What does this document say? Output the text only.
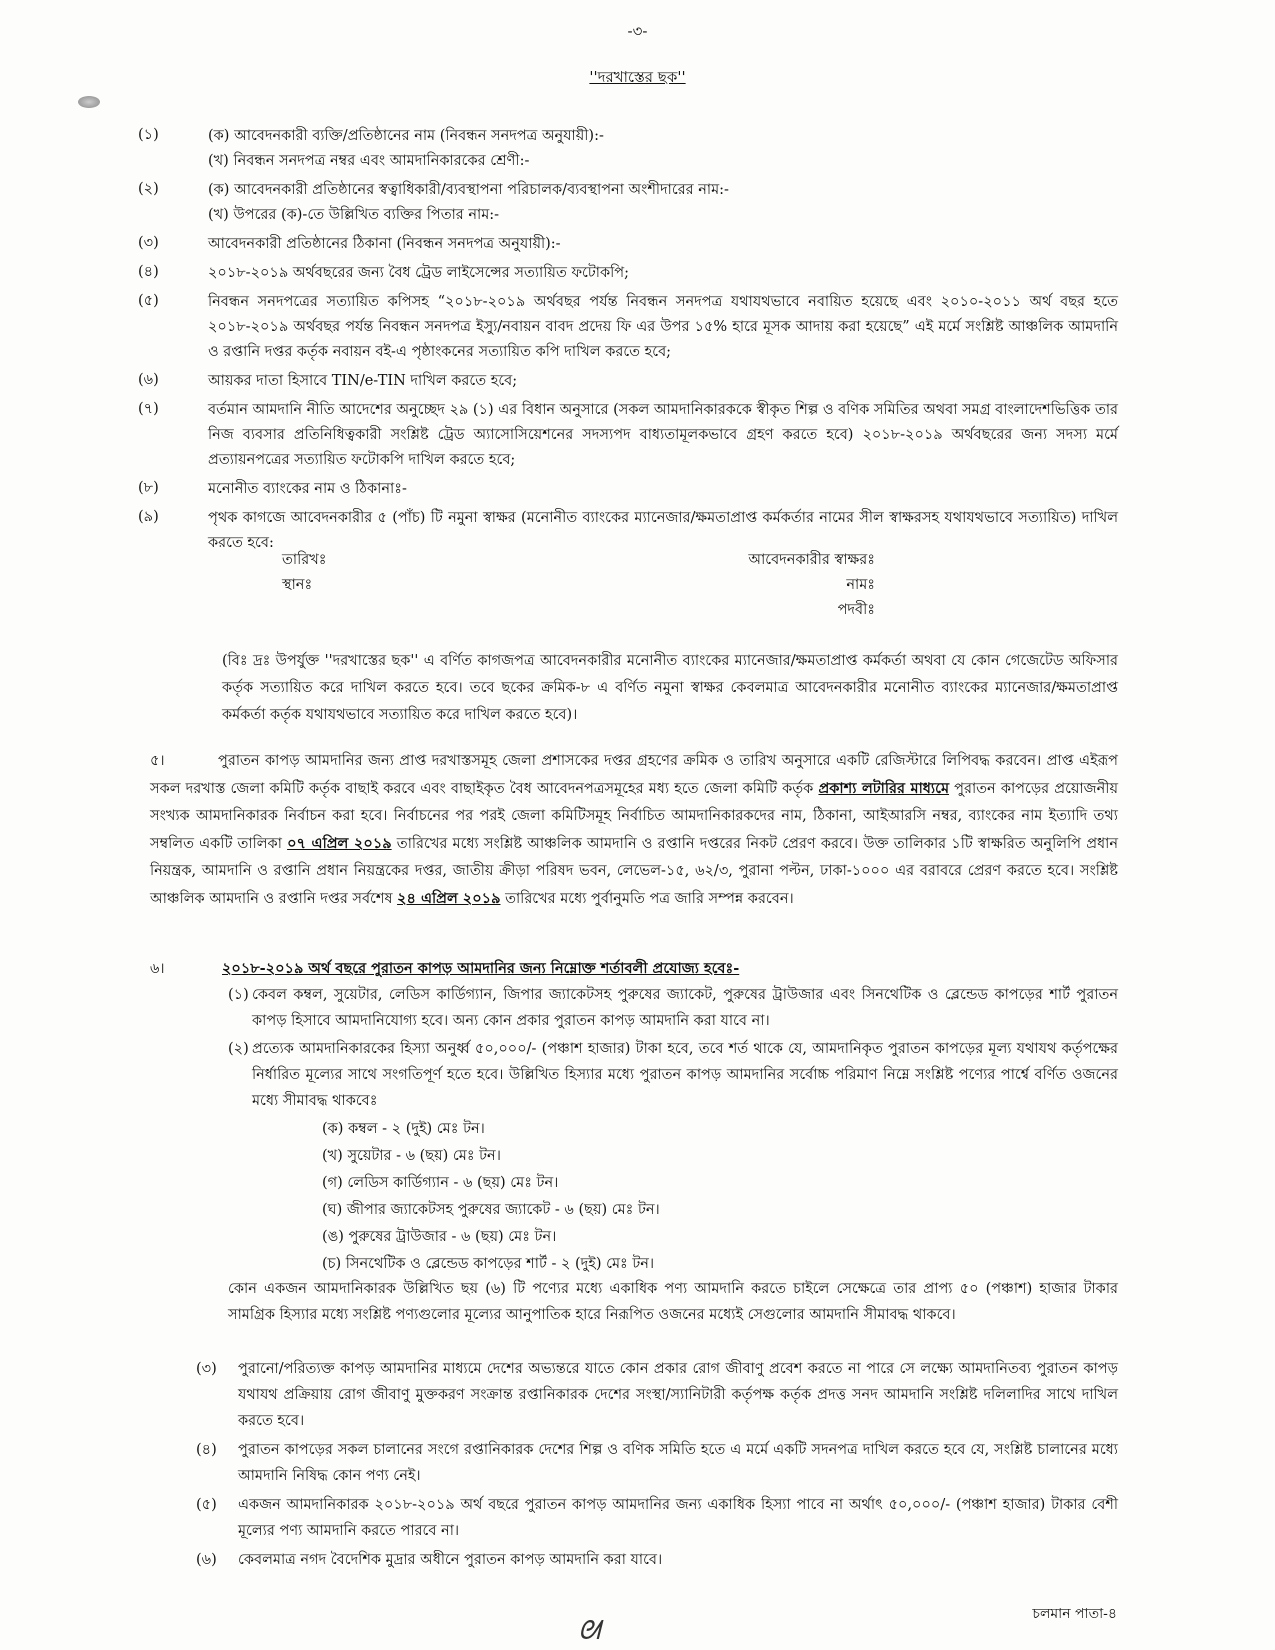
-৩-
''দরখাস্তের ছক''
(১)	(ক) আবেদনকারী ব্যক্তি/প্রতিষ্ঠানের নাম (নিবন্ধন সনদপত্র অনুযায়ী):-

(খ) নিবন্ধন সনদপত্র নম্বর এবং আমদানিকারকের শ্রেণী:-

(২)	(ক) আবেদনকারী প্রতিষ্ঠানের স্বত্বাধিকারী/ব্যবস্থাপনা পরিচালক/ব্যবস্থাপনা অংশীদারের নাম:-

(খ) উপরের (ক)-তে উল্লিখিত ব্যক্তির পিতার নাম:-

(৩)	আবেদনকারী প্রতিষ্ঠানের ঠিকানা (নিবন্ধন সনদপত্র অনুযায়ী):-

(৪)	২০১৮-২০১৯ অর্থবছরের জন্য বৈধ ট্রেড লাইসেন্সের সত্যায়িত ফটোকপি;

(৫)	নিবন্ধন সনদপত্রের সত্যায়িত কপিসহ “২০১৮-২০১৯ অর্থবছর পর্যন্ত নিবন্ধন সনদপত্র যথাযথভাবে নবায়িত হয়েছে এবং ২০১০-২০১১ অর্থ বছর হতে ২০১৮-২০১৯ অর্থবছর পর্যন্ত নিবন্ধন সনদপত্র ইস্যু/নবায়ন বাবদ প্রদেয় ফি এর উপর ১৫% হারে মূসক আদায় করা হয়েছে” এই মর্মে সংশ্লিষ্ট আঞ্চলিক আমদানি ও রপ্তানি দপ্তর কর্তৃক নবায়ন বই-এ পৃষ্ঠাংকনের সত্যায়িত কপি দাখিল করতে হবে;

(৬)	আয়কর দাতা হিসাবে TIN/e-TIN দাখিল করতে হবে;

(৭)	বর্তমান আমদানি নীতি আদেশের অনুচ্ছেদ ২৯ (১) এর বিধান অনুসারে (সকল আমদানিকারককে স্বীকৃত শিল্প ও বণিক সমিতির অথবা সমগ্র বাংলাদেশভিত্তিক তার নিজ ব্যবসার প্রতিনিধিত্বকারী সংশ্লিষ্ট ট্রেড অ্যাসোসিয়েশনের সদস্যপদ বাধ্যতামূলকভাবে গ্রহণ করতে হবে) ২০১৮-২০১৯ অর্থবছরের জন্য সদস্য মর্মে প্রত্যায়নপত্রের সত্যায়িত ফটোকপি দাখিল করতে হবে;

(৮)	মনোনীত ব্যাংকের নাম ও ঠিকানাঃ-

(৯)	পৃথক কাগজে আবেদনকারীর ৫ (পাঁচ) টি নমুনা স্বাক্ষর (মনোনীত ব্যাংকের ম্যানেজার/ক্ষমতাপ্রাপ্ত কর্মকর্তার নামের সীল স্বাক্ষরসহ যথাযথভাবে সত্যায়িত) দাখিল করতে হবে:

তারিখঃ
স্থানঃ
আবেদনকারীর স্বাক্ষরঃ
নামঃ
পদবীঃ
(বিঃ দ্রঃ উপর্যুক্ত ''দরখাস্তের ছক'' এ বর্ণিত কাগজপত্র আবেদনকারীর মনোনীত ব্যাংকের ম্যানেজার/ক্ষমতাপ্রাপ্ত কর্মকর্তা অথবা যে কোন গেজেটেড অফিসার কর্তৃক সত্যায়িত করে দাখিল করতে হবে। তবে ছকের ক্রমিক-৮ এ বর্ণিত নমুনা স্বাক্ষর কেবলমাত্র আবেদনকারীর মনোনীত ব্যাংকের ম্যানেজার/ক্ষমতাপ্রাপ্ত কর্মকর্তা কর্তৃক যথাযথভাবে সত্যায়িত করে দাখিল করতে হবে)।
৫।	পুরাতন কাপড় আমদানির জন্য প্রাপ্ত দরখাস্তসমূহ জেলা প্রশাসকের দপ্তর গ্রহণের ক্রমিক ও তারিখ অনুসারে একটি রেজিস্টারে লিপিবদ্ধ করবেন। প্রাপ্ত এইরূপ সকল দরখাস্ত জেলা কমিটি কর্তৃক বাছাই করবে এবং বাছাইকৃত বৈধ আবেদনপত্রসমূহের মধ্য হতে জেলা কমিটি কর্তৃক প্রকাশ্য লটারির মাধ্যমে পুরাতন কাপড়ের প্রয়োজনীয় সংখ্যক আমদানিকারক নির্বাচন করা হবে। নির্বাচনের পর পরই জেলা কমিটিসমূহ নির্বাচিত আমদানিকারকদের নাম, ঠিকানা, আইআরসি নম্বর, ব্যাংকের নাম ইত্যাদি তথ্য সম্বলিত একটি তালিকা ০৭ এপ্রিল ২০১৯ তারিখের মধ্যে সংশ্লিষ্ট আঞ্চলিক আমদানি ও রপ্তানি দপ্তরের নিকট প্রেরণ করবে। উক্ত তালিকার ১টি স্বাক্ষরিত অনুলিপি প্রধান নিয়ন্ত্রক, আমদানি ও রপ্তানি প্রধান নিয়ন্ত্রকের দপ্তর, জাতীয় ক্রীড়া পরিষদ ভবন, লেভেল-১৫, ৬২/৩, পুরানা পল্টন, ঢাকা-১০০০ এর বরাবরে প্রেরণ করতে হবে। সংশ্লিষ্ট আঞ্চলিক আমদানি ও রপ্তানি দপ্তর সর্বশেষ ২৪ এপ্রিল ২০১৯ তারিখের মধ্যে পুর্বানুমতি পত্র জারি সম্পন্ন করবেন।
৬।	২০১৮-২০১৯ অর্থ বছরে পুরাতন কাপড় আমদানির জন্য নিম্নোক্ত শর্তাবলী প্রযোজ্য হবেঃ-
(১) কেবল কম্বল, সুয়েটার, লেডিস কার্ডিগ্যান, জিপার জ্যাকেটসহ পুরুষের জ্যাকেট, পুরুষের ট্রাউজার এবং সিনথেটিক ও ব্লেন্ডেড কাপড়ের শার্ট পুরাতন কাপড় হিসাবে আমদানিযোগ্য হবে। অন্য কোন প্রকার পুরাতন কাপড় আমদানি করা যাবে না।
(২) প্রত্যেক আমদানিকারকের হিস্যা অনুর্ধ্ব ৫০,০০০/- (পঞ্চাশ হাজার) টাকা হবে, তবে শর্ত থাকে যে, আমদানিকৃত পুরাতন কাপড়ের মূল্য যথাযথ কর্তৃপক্ষের নির্ধারিত মূল্যের সাথে সংগতিপূর্ণ হতে হবে। উল্লিখিত হিস্যার মধ্যে পুরাতন কাপড় আমদানির সর্বোচ্চ পরিমাণ নিম্নে সংশ্লিষ্ট পণ্যের পার্শ্বে বর্ণিত ওজনের মধ্যে সীমাবদ্ধ থাকবেঃ
(ক) কম্বল - ২ (দুই) মেঃ টন।
(খ) সুয়েটার - ৬ (ছয়) মেঃ টন।
(গ) লেডিস কার্ডিগ্যান - ৬ (ছয়) মেঃ টন।
(ঘ) জীপার জ্যাকেটসহ পুরুষের জ্যাকেট - ৬ (ছয়) মেঃ টন।
(ঙ) পুরুষের ট্রাউজার - ৬ (ছয়) মেঃ টন।
(চ) সিনথেটিক ও ব্লেন্ডেড কাপড়ের শার্ট - ২ (দুই) মেঃ টন।
কোন একজন আমদানিকারক উল্লিখিত ছয় (৬) টি পণ্যের মধ্যে একাধিক পণ্য আমদানি করতে চাইলে সেক্ষেত্রে তার প্রাপ্য ৫০ (পঞ্চাশ) হাজার টাকার সামগ্রিক হিস্যার মধ্যে সংশ্লিষ্ট পণ্যগুলোর মূল্যের আনুপাতিক হারে নিরূপিত ওজনের মধ্যেই সেগুলোর আমদানি সীমাবদ্ধ থাকবে।
(৩) পুরানো/পরিত্যক্ত কাপড় আমদানির মাধ্যমে দেশের অভ্যন্তরে যাতে কোন প্রকার রোগ জীবাণু প্রবেশ করতে না পারে সে লক্ষ্যে আমদানিতব্য পুরাতন কাপড় যথাযথ প্রক্রিয়ায় রোগ জীবাণু মুক্তকরণ সংক্রান্ত রপ্তানিকারক দেশের সংস্থা/স্যানিটারী কর্তৃপক্ষ কর্তৃক প্রদত্ত সনদ আমদানি সংশ্লিষ্ট দলিলাদির সাথে দাখিল করতে হবে।
(৪) পুরাতন কাপড়ের সকল চালানের সংগে রপ্তানিকারক দেশের শিল্প ও বণিক সমিতি হতে এ মর্মে একটি সদনপত্র দাখিল করতে হবে যে, সংশ্লিষ্ট চালানের মধ্যে আমদানি নিষিদ্ধ কোন পণ্য নেই।
(৫) একজন আমদানিকারক ২০১৮-২০১৯ অর্থ বছরে পুরাতন কাপড় আমদানির জন্য একাধিক হিস্যা পাবে না অর্থাৎ ৫০,০০০/- (পঞ্চাশ হাজার) টাকার বেশী মূল্যের পণ্য আমদানি করতে পারবে না।
(৬) কেবলমাত্র নগদ বৈদেশিক মুদ্রার অধীনে পুরাতন কাপড় আমদানি করা যাবে।
চলমান পাতা-৪
ᘛ
